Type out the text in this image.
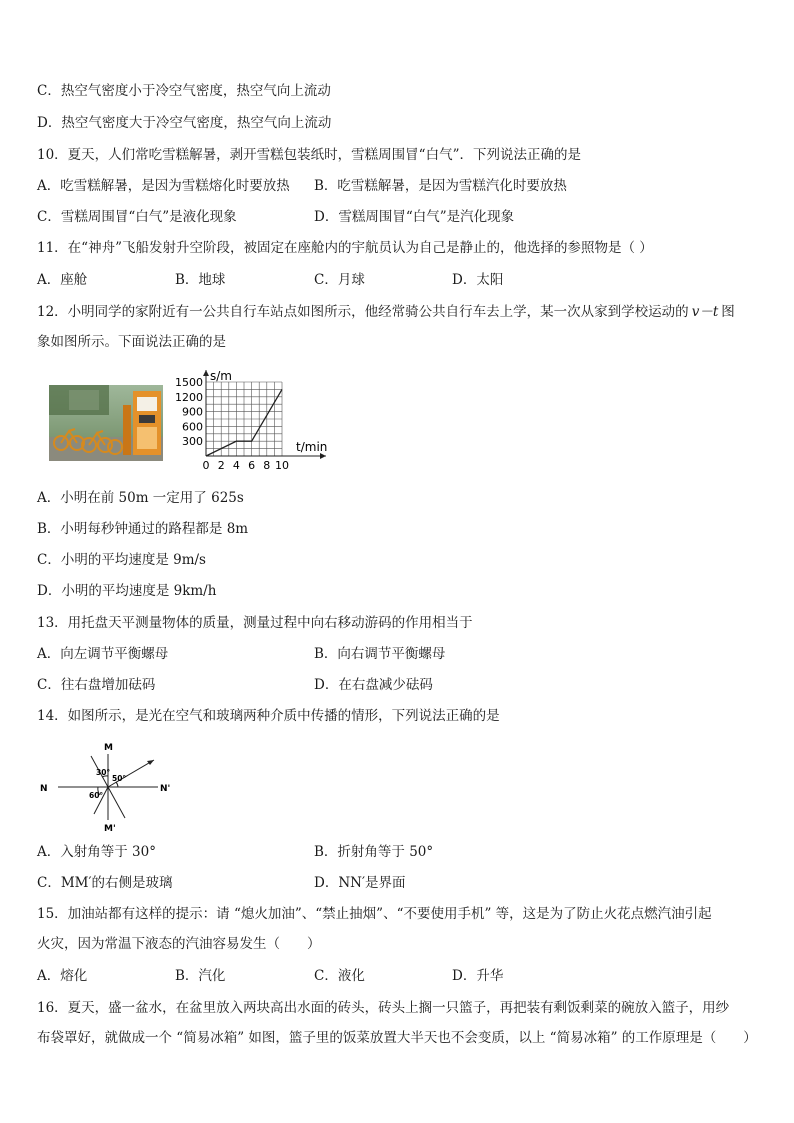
C．热空气密度小于冷空气密度，热空气向上流动
D．热空气密度大于冷空气密度，热空气向上流动
10．夏天，人们常吃雪糕解暑，剥开雪糕包装纸时，雪糕周围冒“白气”．下列说法正确的是
A．吃雪糕解暑，是因为雪糕熔化时要放热 B．吃雪糕解暑，是因为雪糕汽化时要放热
C．雪糕周围冒“白气”是液化现象	D．雪糕周围冒“白气”是汽化现象
11．在“神舟”飞船发射升空阶段，被固定在座舱内的宇航员认为自己是静止的，他选择的参照物是（ ）
A．座舱	B．地球	C．月球	D．太阳
12．小明同学的家附近有一公共自行车站点如图所示，他经常骑公共自行车去上学，某一次从家到学校运动的 v－t 图
象如图所示。下面说法正确的是
0 2 4 6 8 10
300
600
900
1200
1500 s/m
t/min
A．小明在前 50m 一定用了 625s
B．小明每秒钟通过的路程都是 8m
C．小明的平均速度是 9m/s
D．小明的平均速度是 9km/h
13．用托盘天平测量物体的质量，测量过程中向右移动游码的作用相当于
A．向左调节平衡螺母	B．向右调节平衡螺母
C．往右盘增加砝码	D．在右盘减少砝码
14．如图所示，是光在空气和玻璃两种介质中传播的情形，下列说法正确的是
M
M'
N	N'
30°
50°
60°
A．入射角等于 30°	B．折射角等于 50°
C．MM′的右侧是玻璃	D．NN′是界面
15．加油站都有这样的提示：请 “熄火加油”、“禁止抽烟”、“不要使用手机” 等，这是为了防止火花点燃汽油引起
火灾，因为常温下液态的汽油容易发生（　　）
A．熔化	B．汽化	C．液化	D．升华
16．夏天，盛一盆水，在盆里放入两块高出水面的砖头，砖头上搁一只篮子，再把装有剩饭剩菜的碗放入篮子，用纱
布袋罩好，就做成一个 “简易冰箱” 如图，篮子里的饭菜放置大半天也不会变质，以上 “简易冰箱” 的工作原理是（　　）
